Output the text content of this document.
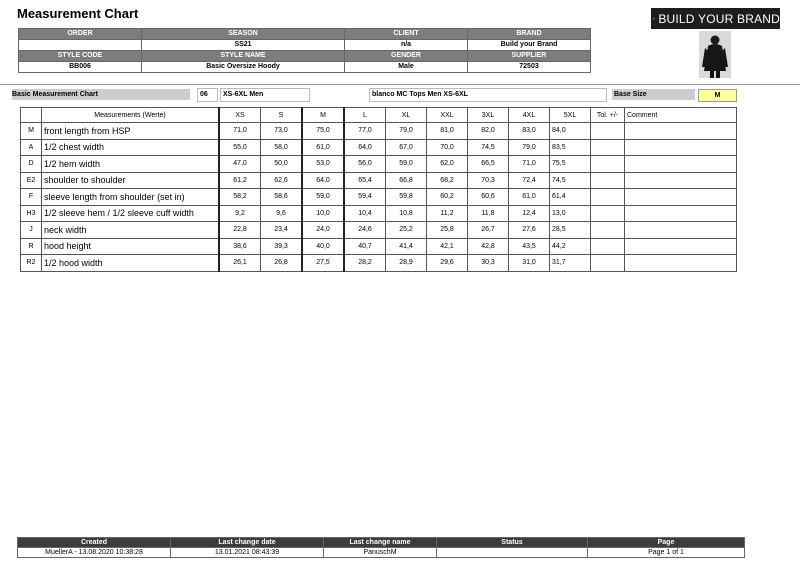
Measurement Chart
ORDER	SEASON	CLIENT	BRAND
	SS21	n/a	Build your Brand
STYLE CODE	STYLE NAME	GENDER	SUPPLIER
BB006	Basic Oversize Hoody	Male	72503
BUILD YOUR BRAND
Basic Measurement Chart	06	XS-6XL Men	blanco MC Tops Men XS-6XL	Base Size	M
	Measurements (Werte)	XS	S	M	L	XL	XXL	3XL	4XL	5XL	Tol. +/-	Comment
M	front length from HSP	71,0	73,0	75,0	77,0	79,0	81,0	82,0	83,0	84,0		
A	1/2 chest width	55,0	58,0	61,0	64,0	67,0	70,0	74,5	79,0	83,5		
D	1/2 hem width	47,0	50,0	53,0	56,0	59,0	62,0	66,5	71,0	75,5		
E2	shoulder to shoulder	61,2	62,6	64,0	65,4	66,8	68,2	70,3	72,4	74,5		
F	sleeve length from shoulder (set in)	58,2	58,6	59,0	59,4	59,8	60,2	60,6	61,0	61,4		
H3	1/2 sleeve hem / 1/2 sleeve cuff width	9,2	9,6	10,0	10,4	10,8	11,2	11,8	12,4	13,0		
J	neck width	22,8	23,4	24,0	24,6	25,2	25,8	26,7	27,6	28,5		
R	hood height	38,6	39,3	40,0	40,7	41,4	42,1	42,8	43,5	44,2		
R2	1/2 hood width	26,1	26,8	27,5	28,2	28,9	29,6	30,3	31,0	31,7		
Created	Last change date	Last change name	Status	Page
MuellerA - 13.08.2020 10:38:28	13.01.2021 08:43:39	PanuschM		Page 1 of 1
